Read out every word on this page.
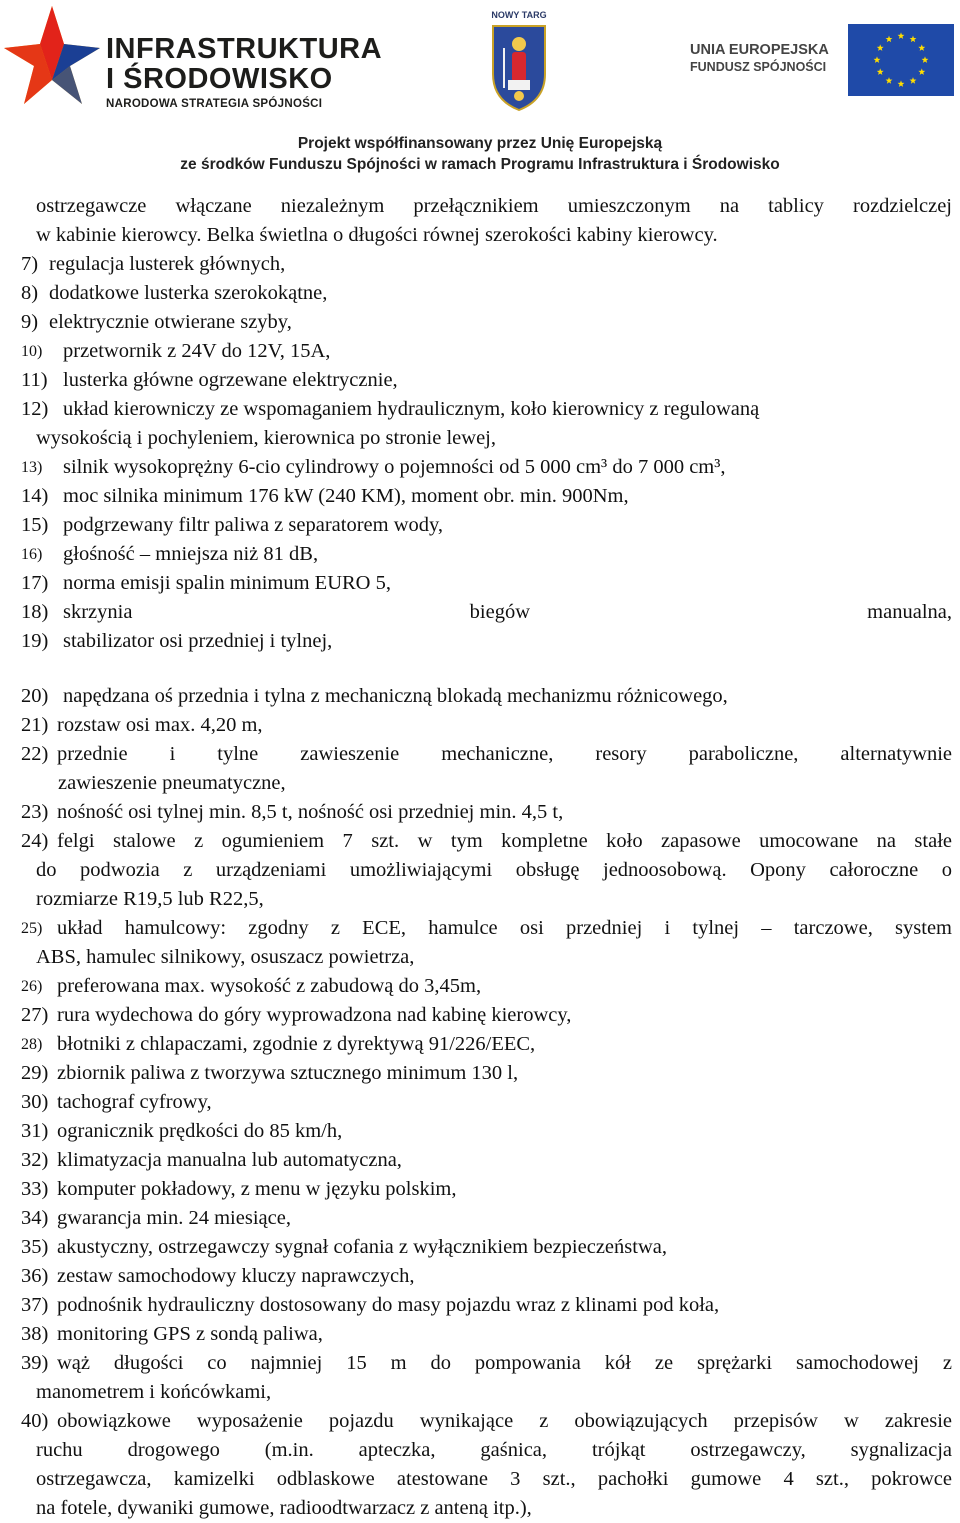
INFRASTRUKTURA
I ŚRODOWISKO
NARODOWA STRATEGIA SPÓJNOŚCI
NOWY TARG
UNIA EUROPEJSKA
FUNDUSZ SPÓJNOŚCI
Projekt współfinansowany przez Unię Europejską
ze środków Funduszu Spójności w ramach Programu Infrastruktura i Środowisko
ostrzegawcze włączane niezależnym przełącznikiem umieszczonym na tablicy rozdzielczej
w kabinie kierowcy. Belka świetlna o długości równej szerokości kabiny kierowcy.
7) regulacja lusterek głównych,
8) dodatkowe lusterka szerokokątne,
9) elektrycznie otwierane szyby,
10) przetwornik z 24V do 12V, 15A,
11) lusterka główne ogrzewane elektrycznie,
12) układ kierowniczy ze wspomaganiem hydraulicznym, koło kierownicy z regulowaną
wysokością i pochyleniem, kierownica po stronie lewej,
13) silnik wysokoprężny 6-cio cylindrowy o pojemności od 5 000 cm³ do 7 000 cm³,
14) moc silnika minimum 176 kW (240 KM), moment obr. min. 900Nm,
15) podgrzewany filtr paliwa z separatorem wody,
16) głośność – mniejsza niż 81 dB,
17) norma emisji spalin minimum EURO 5,
18) skrzynia biegów manualna,
19) stabilizator osi przedniej i tylnej,
20) napędzana oś przednia i tylna z mechaniczną blokadą mechanizmu różnicowego,
21) rozstaw osi max. 4,20 m,
22) przednie i tylne zawieszenie mechaniczne, resory paraboliczne, alternatywnie
zawieszenie pneumatyczne,
23) nośność osi tylnej min. 8,5 t, nośność osi przedniej min. 4,5 t,
24) felgi stalowe z ogumieniem 7 szt. w tym kompletne koło zapasowe umocowane na stałe
do podwozia z urządzeniami umożliwiającymi obsługę jednoosobową. Opony całoroczne o
rozmiarze R19,5 lub R22,5,
25) układ hamulcowy: zgodny z ECE, hamulce osi przedniej i tylnej – tarczowe, system
ABS, hamulec silnikowy, osuszacz powietrza,
26) preferowana max. wysokość z zabudową do 3,45m,
27) rura wydechowa do góry wyprowadzona nad kabinę kierowcy,
28) błotniki z chlapaczami, zgodnie z dyrektywą 91/226/EEC,
29) zbiornik paliwa z tworzywa sztucznego minimum 130 l,
30) tachograf cyfrowy,
31) ogranicznik prędkości do 85 km/h,
32) klimatyzacja manualna lub automatyczna,
33) komputer pokładowy, z menu w języku polskim,
34) gwarancja min. 24 miesiące,
35) akustyczny, ostrzegawczy sygnał cofania z wyłącznikiem bezpieczeństwa,
36) zestaw samochodowy kluczy naprawczych,
37) podnośnik hydrauliczny dostosowany do masy pojazdu wraz z klinami pod koła,
38) monitoring GPS z sondą paliwa,
39) wąż długości co najmniej 15 m do pompowania kół ze sprężarki samochodowej z
manometrem i końcówkami,
40) obowiązkowe wyposażenie pojazdu wynikające z obowiązujących przepisów w zakresie
ruchu drogowego (m.in. apteczka, gaśnica, trójkąt ostrzegawczy, sygnalizacja
ostrzegawcza, kamizelki odblaskowe atestowane 3 szt., pachołki gumowe 4 szt., pokrowce
na fotele, dywaniki gumowe, radioodtwarzacz z anteną itp.),
